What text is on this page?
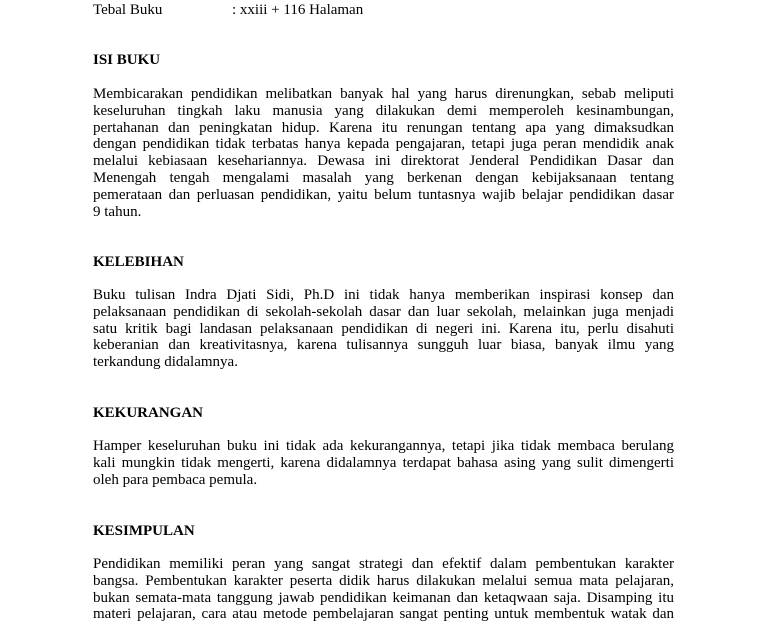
Tebal Buku	: xxiii + 116 Halaman
ISI BUKU
Membicarakan pendidikan melibatkan banyak hal yang harus direnungkan, sebab meliputi
keseluruhan tingkah laku manusia yang dilakukan demi memperoleh kesinambungan,
pertahanan dan peningkatan hidup. Karena itu renungan tentang apa yang dimaksudkan
dengan pendidikan tidak terbatas hanya kepada pengajaran, tetapi juga peran mendidik anak
melalui kebiasaan kesehariannya. Dewasa ini direktorat Jenderal Pendidikan Dasar dan
Menengah tengah mengalami masalah yang berkenan dengan kebijaksanaan tentang
pemerataan dan perluasan pendidikan, yaitu belum tuntasnya wajib belajar pendidikan dasar
9 tahun.
KELEBIHAN
Buku tulisan Indra Djati Sidi, Ph.D ini tidak hanya memberikan inspirasi konsep dan
pelaksanaan pendidikan di sekolah-sekolah dasar dan luar sekolah, melainkan juga menjadi
satu kritik bagi landasan pelaksanaan pendidikan di negeri ini. Karena itu, perlu disahuti
keberanian dan kreativitasnya, karena tulisannya sungguh luar biasa, banyak ilmu yang
terkandung didalamnya.
KEKURANGAN
Hamper keseluruhan buku ini tidak ada kekurangannya, tetapi jika tidak membaca berulang
kali mungkin tidak mengerti, karena didalamnya terdapat bahasa asing yang sulit dimengerti
oleh para pembaca pemula.
KESIMPULAN
Pendidikan memiliki peran yang sangat strategi dan efektif dalam pembentukan karakter
bangsa. Pembentukan karakter peserta didik harus dilakukan melalui semua mata pelajaran,
bukan semata-mata tanggung jawab pendidikan keimanan dan ketaqwaan saja. Disamping itu
materi pelajaran, cara atau metode pembelajaran sangat penting untuk membentuk watak dan
